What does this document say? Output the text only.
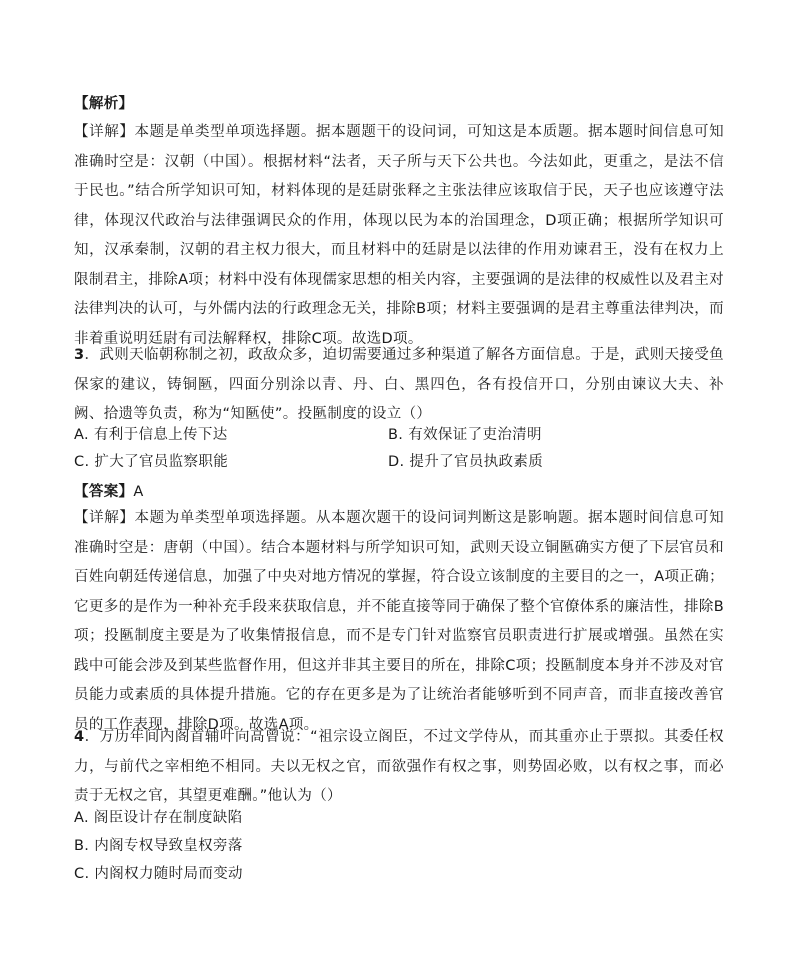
【解析】

【详解】本题是单类型单项选择题。据本题题干的设问词，可知这是本质题。据本题时间信息可知准确时空是：汉朝（中国）。根据材料“法者，天子所与天下公共也。今法如此，更重之，是法不信于民也。”结合所学知识可知，材料体现的是廷尉张释之主张法律应该取信于民，天子也应该遵守法律，体现汉代政治与法律强调民众的作用，体现以民为本的治国理念，D项正确；根据所学知识可知，汉承秦制，汉朝的君主权力很大，而且材料中的廷尉是以法律的作用劝谏君王，没有在权力上限制君主，排除A项；材料中没有体现儒家思想的相关内容，主要强调的是法律的权威性以及君主对法律判决的认可，与外儒内法的行政理念无关，排除B项；材料主要强调的是君主尊重法律判决，而非着重说明廷尉有司法解释权，排除C项。故选D项。

3．武则天临朝称制之初，政敌众多，迫切需要通过多种渠道了解各方面信息。于是，武则天接受鱼保家的建议，铸铜匦，四面分别涂以青、丹、白、黑四色，各有投信开口，分别由谏议大夫、补阙、拾遗等负责，称为“知匦使”。投匦制度的设立（）

A. 有利于信息上传下达	B. 有效保证了吏治清明
C. 扩大了官员监察职能	D. 提升了官员执政素质
【答案】A

【详解】本题为单类型单项选择题。从本题次题干的设问词判断这是影响题。据本题时间信息可知准确时空是：唐朝（中国）。结合本题材料与所学知识可知，武则天设立铜匦确实方便了下层官员和百姓向朝廷传递信息，加强了中央对地方情况的掌握，符合设立该制度的主要目的之一，A项正确；它更多的是作为一种补充手段来获取信息，并不能直接等同于确保了整个官僚体系的廉洁性，排除B项；投匦制度主要是为了收集情报信息，而不是专门针对监察官员职责进行扩展或增强。虽然在实践中可能会涉及到某些监督作用，但这并非其主要目的所在，排除C项；投匦制度本身并不涉及对官员能力或素质的具体提升措施。它的存在更多是为了让统治者能够听到不同声音，而非直接改善官员的工作表现，排除D项。故选A项。

4．万历年间内阁首辅叶向高曾说：“祖宗设立阁臣，不过文学侍从，而其重亦止于票拟。其委任权力，与前代之宰相绝不相同。夫以无权之官，而欲强作有权之事，则势固必败，以有权之事，而必责于无权之官，其望更难酬。”他认为（）

A. 阁臣设计存在制度缺陷
B. 内阁专权导致皇权旁落
C. 内阁权力随时局而变动
